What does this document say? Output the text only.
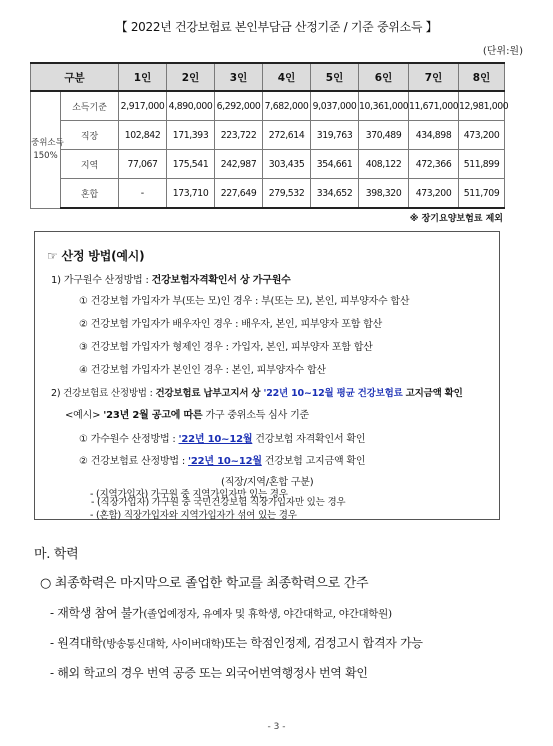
【 2022년 건강보험료 본인부담금 산정기준 / 기준 중위소득 】
(단위:원)
구분		1인	2인	3인	4인	5인	6인	7인	8인
중위소득
150%	소득기준	2,917,000	4,890,000	6,292,000	7,682,000	9,037,000	10,361,000	11,671,000	12,981,000
	직장	102,842	171,393	223,722	272,614	319,763	370,489	434,898	473,200
	지역	77,067	175,541	242,987	303,435	354,661	408,122	472,366	511,899
	혼합	-	173,710	227,649	279,532	334,652	398,320	473,200	511,709
※ 장기요양보험료 제외
☞ 산정 방법(예시)
1) 가구원수 산정방법 : 건강보험자격확인서 상 가구원수
① 건강보험 가입자가 부(또는 모)인 경우 : 부(또는 모), 본인, 피부양자수 합산
② 건강보험 가입자가 배우자인 경우 : 배우자, 본인, 피부양자 포함 합산
③ 건강보험 가입자가 형제인 경우 : 가입자, 본인, 피부양자 포함 합산
④ 건강보험 가입자가 본인인 경우 : 본인, 피부양자수 합산
2) 건강보험료 산정방법 : 건강보험료 납부고지서 상 '22년 10~12월 평균 건강보험료 고지금액 확인
<예시> '23년 2월 공고에 따른 가구 중위소득 심사 기준
① 가수원수 산정방법 : '22년 10~12월 건강보험 자격확인서 확인
② 건강보험료 산정방법 : '22년 10~12월 건강보험 고지금액 확인
(직장/지역/혼합 구분)
- (직장가입자) 가구원 중 국민건강보험 직장가입자만 있는 경우
마. 학력
○ 최종학력은 마지막으로 졸업한 학교를 최종학력으로 간주
- 재학생 참여 불가(졸업예정자, 유예자 및 휴학생, 야간대학교, 야간대학원)
- 원격대학(방송통신대학, 사이버대학)또는 학점인정제, 검정고시 합격자 가능
- 해외 학교의 경우 번역 공증 또는 외국어번역행정사 번역 확인
- 3 -
- (지역가입자) 가구원 중 지역가입자만 있는 경우
- (혼합) 직장가입자와 지역가입자가 섞여 있는 경우
